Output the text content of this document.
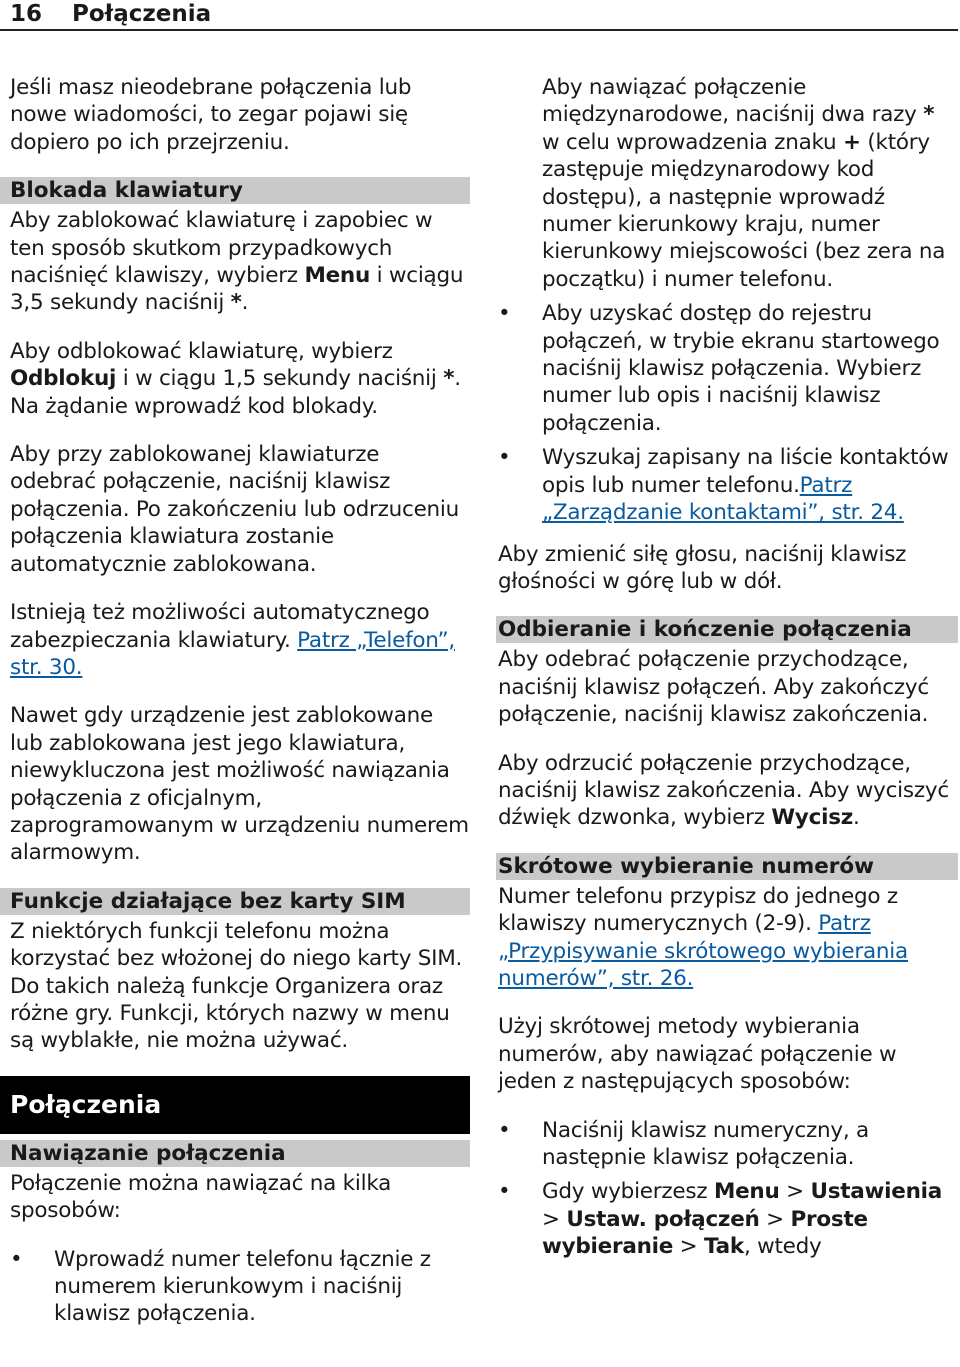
16 Połączenia

Jeśli masz nieodebrane połączenia lub nowe wiadomości, to zegar pojawi się dopiero po ich przejrzeniu.

Blokada klawiatury

Aby zablokować klawiaturę i zapobiec w ten sposób skutkom przypadkowych naciśnięć klawiszy, wybierz Menu i wciągu 3,5 sekundy naciśnij *.

Aby odblokować klawiaturę, wybierz Odblokuj i w ciągu 1,5 sekundy naciśnij *. Na żądanie wprowadź kod blokady.

Aby przy zablokowanej klawiaturze odebrać połączenie, naciśnij klawisz połączenia. Po zakończeniu lub odrzuceniu połączenia klawiatura zostanie automatycznie zablokowana.

Istnieją też możliwości automatycznego zabezpieczania klawiatury. Patrz „Telefon”, str. 30.

Nawet gdy urządzenie jest zablokowane lub zablokowana jest jego klawiatura, niewykluczona jest możliwość nawiązania połączenia z oficjalnym, zaprogramowanym w urządzeniu numerem alarmowym.

Funkcje działające bez karty SIM

Z niektórych funkcji telefonu można korzystać bez włożonej do niego karty SIM. Do takich należą funkcje Organizera oraz różne gry. Funkcji, których nazwy w menu są wyblakłe, nie można używać.

Połączenia
Nawiązanie połączenia

Połączenie można nawiązać na kilka sposobów:

• Wprowadź numer telefonu łącznie z numerem kierunkowym i naciśnij klawisz połączenia.
Aby nawiązać połączenie międzynarodowe, naciśnij dwa razy * w celu wprowadzenia znaku + (który zastępuje międzynarodowy kod dostępu), a następnie wprowadź numer kierunkowy kraju, numer kierunkowy miejscowości (bez zera na początku) i numer telefonu.
• Aby uzyskać dostęp do rejestru połączeń, w trybie ekranu startowego naciśnij klawisz połączenia. Wybierz numer lub opis i naciśnij klawisz połączenia.
• Wyszukaj zapisany na liście kontaktów opis lub numer telefonu.Patrz „Zarządzanie kontaktami”, str. 24.

Aby zmienić siłę głosu, naciśnij klawisz głośności w górę lub w dół.

Odbieranie i kończenie połączenia

Aby odebrać połączenie przychodzące, naciśnij klawisz połączeń. Aby zakończyć połączenie, naciśnij klawisz zakończenia.

Aby odrzucić połączenie przychodzące, naciśnij klawisz zakończenia. Aby wyciszyć dźwięk dzwonka, wybierz Wycisz.

Skrótowe wybieranie numerów

Numer telefonu przypisz do jednego z klawiszy numerycznych (2-9). Patrz „Przypisywanie skrótowego wybierania numerów”, str. 26.

Użyj skrótowej metody wybierania numerów, aby nawiązać połączenie w jeden z następujących sposobów:

• Naciśnij klawisz numeryczny, a następnie klawisz połączenia.
• Gdy wybierzesz Menu > Ustawienia > Ustaw. połączeń > Proste wybieranie > Tak, wtedy
